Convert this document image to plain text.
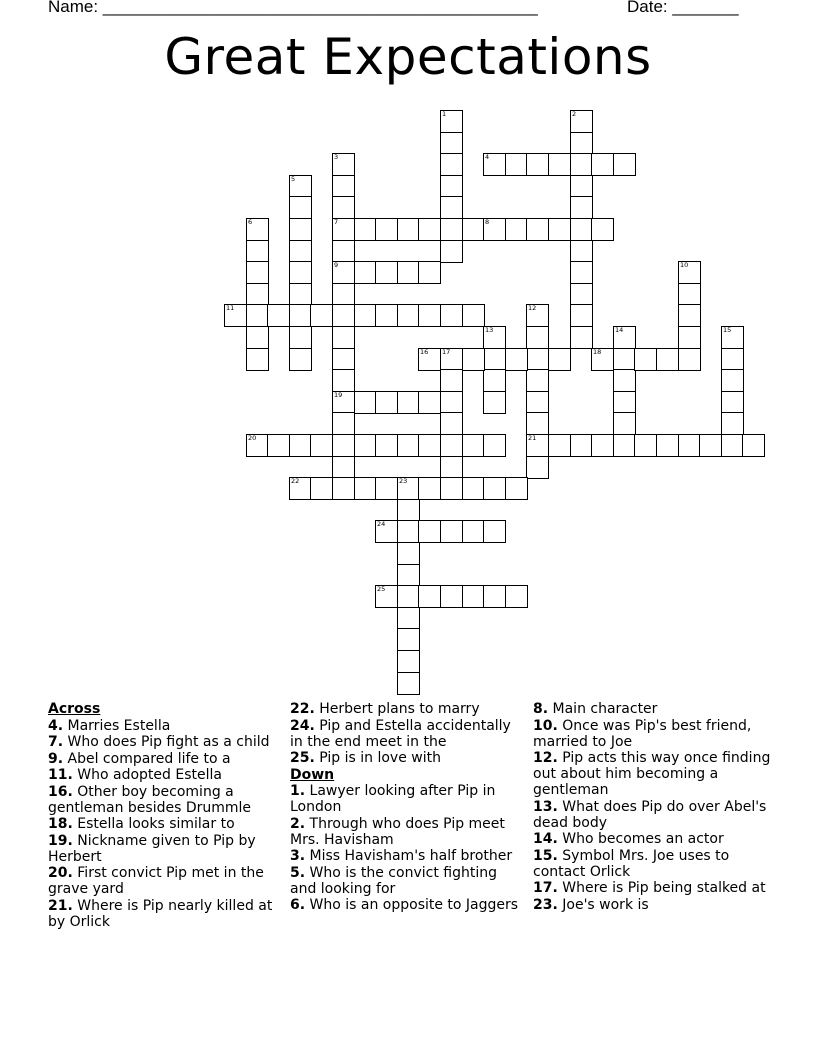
Name: ______________________________________________	Date: _______
Great Expectations
1	2
3
7
9
19
4
5
6	8
10
11	12
21
13	14	15
16 17	18
20
22	23
24
25
Across
4. Marries Estella
7. Who does Pip fight as a child
9. Abel compared life to a
11. Who adopted Estella
16. Other boy becoming a gentleman besides Drummle
18. Estella looks similar to
19. Nickname given to Pip by Herbert
20. First convict Pip met in the grave yard
21. Where is Pip nearly killed at by Orlick
22. Herbert plans to marry
24. Pip and Estella accidentally in the end meet in the
25. Pip is in love with
Down
1. Lawyer looking after Pip in London
2. Through who does Pip meet Mrs. Havisham
3. Miss Havisham's half brother
5. Who is the convict fighting and looking for
6. Who is an opposite to Jaggers
8. Main character
10. Once was Pip's best friend, married to Joe
12. Pip acts this way once finding out about him becoming a gentleman
13. What does Pip do over Abel's dead body
14. Who becomes an actor
15. Symbol Mrs. Joe uses to contact Orlick
17. Where is Pip being stalked at
23. Joe's work is
